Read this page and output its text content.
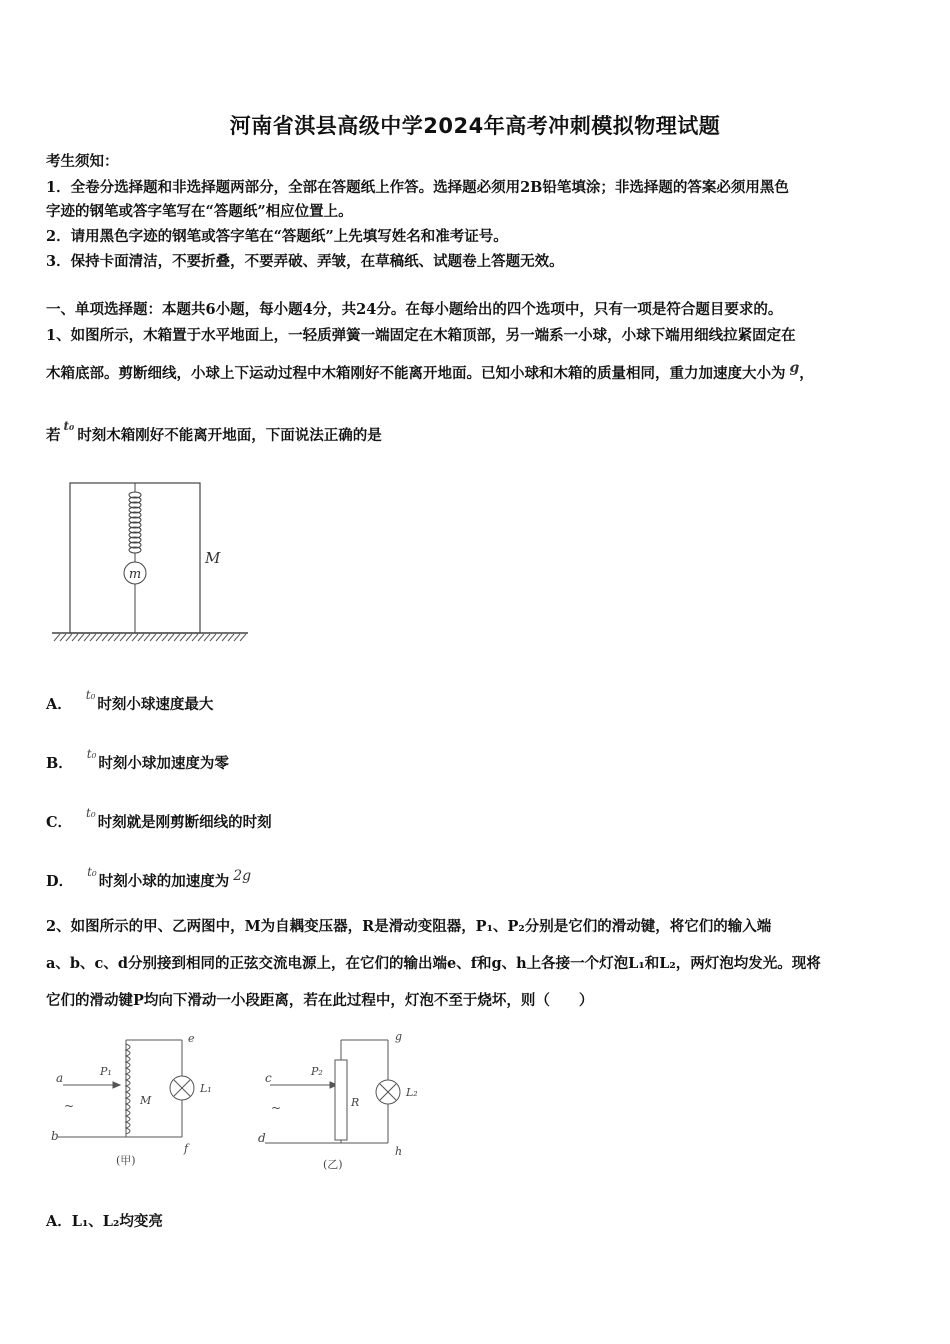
河南省淇县高级中学2024年高考冲刺模拟物理试题
考生须知：
1．全卷分选择题和非选择题两部分，全部在答题纸上作答。选择题必须用2B铅笔填涂；非选择题的答案必须用黑色
字迹的钢笔或答字笔写在“答题纸”相应位置上。
2．请用黑色字迹的钢笔或答字笔在“答题纸”上先填写姓名和准考证号。
3．保持卡面清洁，不要折叠，不要弄破、弄皱，在草稿纸、试题卷上答题无效。
一、单项选择题：本题共6小题，每小题4分，共24分。在每小题给出的四个选项中，只有一项是符合题目要求的。
1、如图所示，木箱置于水平地面上，一轻质弹簧一端固定在木箱顶部，另一端系一小球，小球下端用细线拉紧固定在
木箱底部。剪断细线，小球上下运动过程中木箱刚好不能离开地面。已知小球和木箱的质量相同，重力加速度大小为 g，
若$^{t_0}$时刻木箱刚好不能离开地面，下面说法正确的是
m
M
A．t₀时刻小球速度最大
B．t₀时刻小球加速度为零
C．t₀时刻就是刚剪断细线的时刻
D．t₀时刻小球的加速度为 2g
2、如图所示的甲、乙两图中，M为自耦变压器，R是滑动变阻器，P₁、P₂分别是它们的滑动键，将它们的输入端
a、b、c、d分别接到相同的正弦交流电源上，在它们的输出端e、f和g、h上各接一个灯泡L₁和L₂，两灯泡均发光。现将
它们的滑动键P均向下滑动一小段距离，若在此过程中，灯泡不至于烧坏，则（　　）
a
~
b
P₁
M
e
f
L₁
(甲)
c
~
d
P₂
R
g
h
L₂
(乙)
A．L₁、L₂均变亮
